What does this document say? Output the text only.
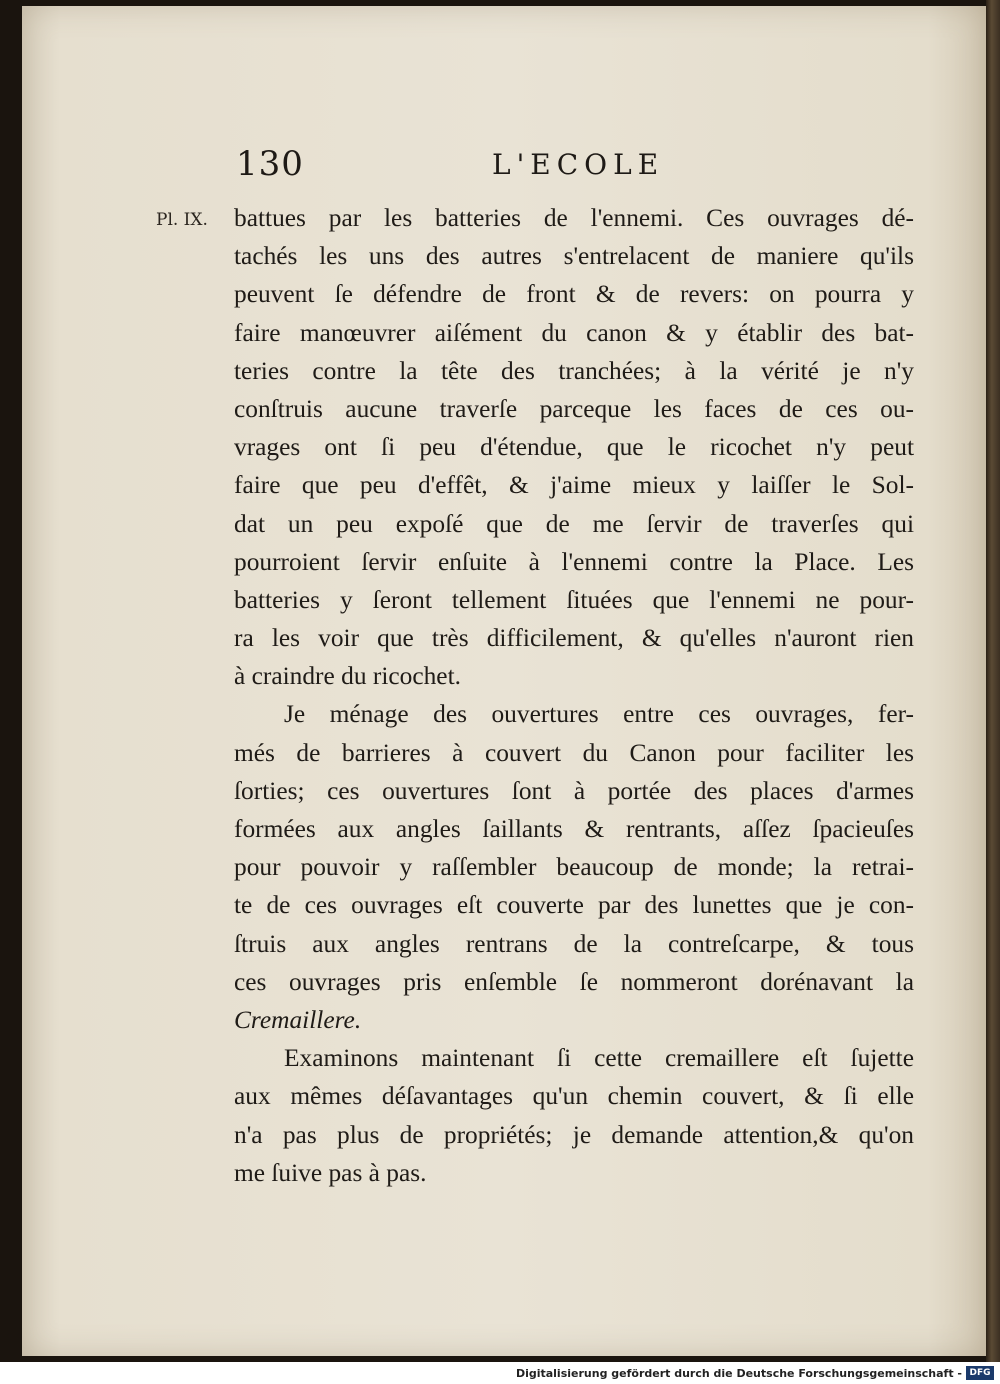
130	L'ECOLE
Pl. IX. battues par les batteries de l'ennemi. Ces ouvrages dé-
tachés les uns des autres s'entrelacent de maniere qu'ils
peuvent ſe défendre de front & de revers: on pourra y
faire manœuvrer aiſément du canon & y établir des bat-
teries contre la tête des tranchées; à la vérité je n'y
conſtruis aucune traverſe parceque les faces de ces ou-
vrages ont ſi peu d'étendue, que le ricochet n'y peut
faire que peu d'effêt, & j'aime mieux y laiſſer le Sol-
dat un peu expoſé que de me ſervir de traverſes qui
pourroient ſervir enſuite à l'ennemi contre la Place. Les
batteries y ſeront tellement ſituées que l'ennemi ne pour-
ra les voir que très difficilement, & qu'elles n'auront rien
à craindre du ricochet.
Je ménage des ouvertures entre ces ouvrages, fer-
més de barrieres à couvert du Canon pour faciliter les
ſorties; ces ouvertures ſont à portée des places d'armes
formées aux angles ſaillants & rentrants, aſſez ſpacieuſes
pour pouvoir y raſſembler beaucoup de monde; la retrai-
te de ces ouvrages eſt couverte par des lunettes que je con-
ſtruis aux angles rentrans de la contreſcarpe, & tous
ces ouvrages pris enſemble ſe nommeront dorénavant la
Cremaillere.
Examinons maintenant ſi cette cremaillere eſt ſujette
aux mêmes déſavantages qu'un chemin couvert, & ſi elle
n'a pas plus de propriétés; je demande attention,& qu'on
me ſuive pas à pas.
Digitalisierung gefördert durch die Deutsche Forschungsgemeinschaft - DFG
